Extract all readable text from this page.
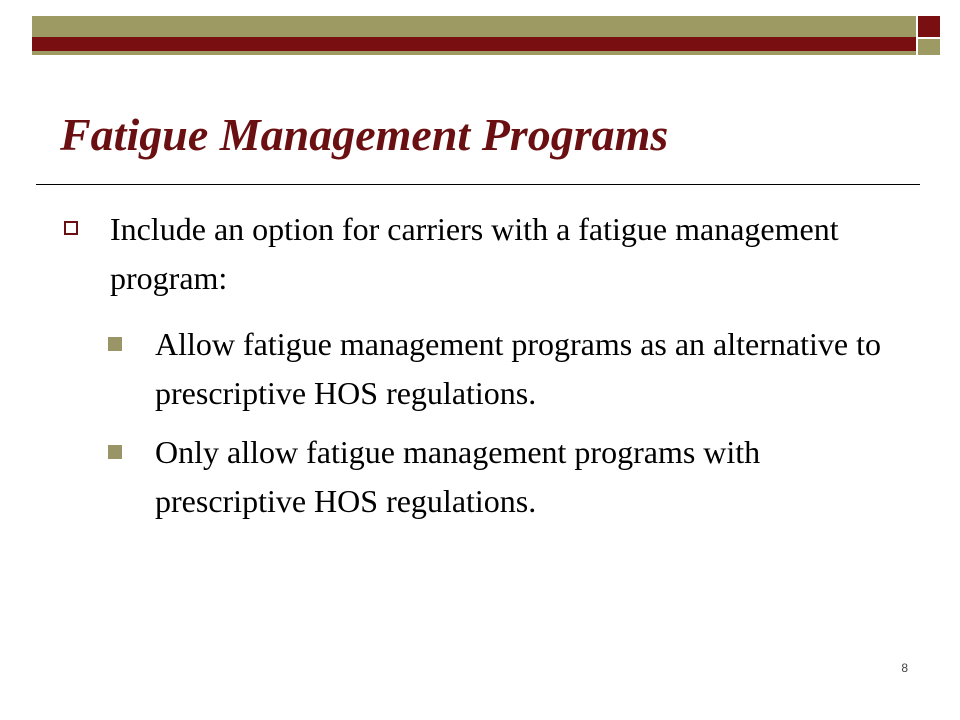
Fatigue Management Programs
Include an option for carriers with a fatigue management program:
Allow fatigue management programs as an alternative to prescriptive HOS regulations.
Only allow fatigue management programs with prescriptive HOS regulations.
8
